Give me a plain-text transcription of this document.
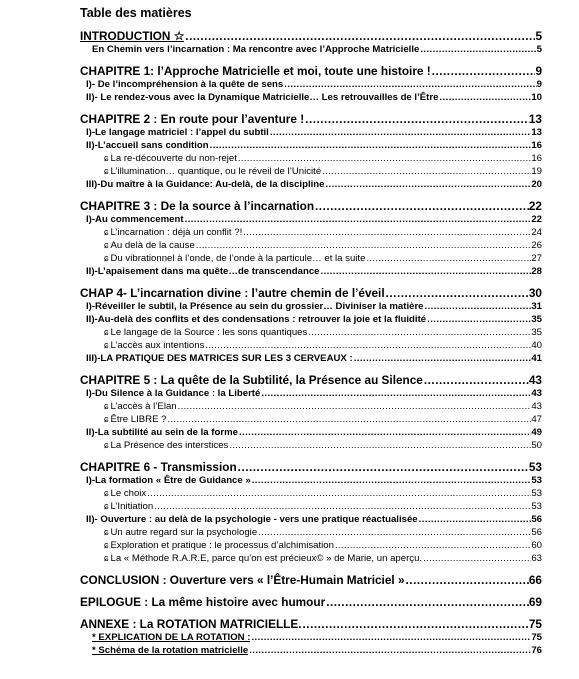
Table des matières
INTRODUCTION ☆ .....	5
En Chemin vers l’incarnation : Ma rencontre avec l’Approche Matricielle .....	5
CHAPITRE 1: l’Approche Matricielle et moi, toute une histoire ! .....	9
I)- De l’incompréhension à la quête de sens .....	9
II)- Le rendez-vous avec la Dynamique Matricielle… Les retrouvailles de l’Être .....	10
CHAPITRE 2 : En route pour l’aventure ! .....	13
I)-Le langage matriciel : l’appel du subtil .....	13
II)-L’accueil sans condition .....	16
ɕ La re-découverte du non-rejet .....	16
ɕ L’illumination… quantique, ou le réveil de l’Unicité .....	19
III)-Du maître à la Guidance: Au-delà, de la discipline .....	20
CHAPITRE 3 : De la source à l’incarnation .....	22
I)-Au commencement .....	22
ɕ L’incarnation : déjà un conflit ?! .....	24
ɕ Au delà de la cause .....	26
ɕ Du vibrationnel à l’onde, de l’onde à la particule… et la suite .....	27
II)-L’apaisement dans ma quête…de transcendance .....	28
CHAP 4- L’incarnation divine : l’autre chemin de l’éveil .....	30
I)-Réveiller le subtil, la Présence au sein du grossier… Diviniser la matière .....	31
II)-Au-delà des conflits et des condensations : retrouver la joie et la fluidité .....	35
ɕ Le langage de la Source : les sons quantiques .....	35
ɕ L’accès aux intentions .....	40
III)-LA PRATIQUE DES MATRICES SUR LES 3 CERVEAUX : .....	41
CHAPITRE 5 : La quête de la Subtilité, la Présence au Silence .....	43
I)-Du Silence à la Guidance : la Liberté .....	43
ɕ L’accès à l’Elan .....	43
ɕ Être LIBRE ? .....	47
II)-La subtilité au sein de la forme .....	49
ɕ La Présence des interstices .....	50
CHAPITRE 6 - Transmission .....	53
I)-La formation « Être de Guidance » .....	53
ɕ Le choix .....	53
ɕ L’Initiation .....	53
II)- Ouverture : au delà de la psychologie - vers une pratique réactualisée .....	56
ɕ Un autre regard sur la psychologie .....	56
ɕ Exploration et pratique : le processus d’alchimisation .....	60
ɕ La « Méthode R.A.R.E, parce qu’on est précieux© » de Marie, un aperçu. .....	63
CONCLUSION : Ouverture vers « l’Être-Humain Matriciel » .....	66
EPILOGUE : La même histoire avec humour .....	69
ANNEXE : La ROTATION MATRICIELLE. .....	75
* EXPLICATION DE LA ROTATION : .....	75
* Schéma de la rotation matricielle .....	76
